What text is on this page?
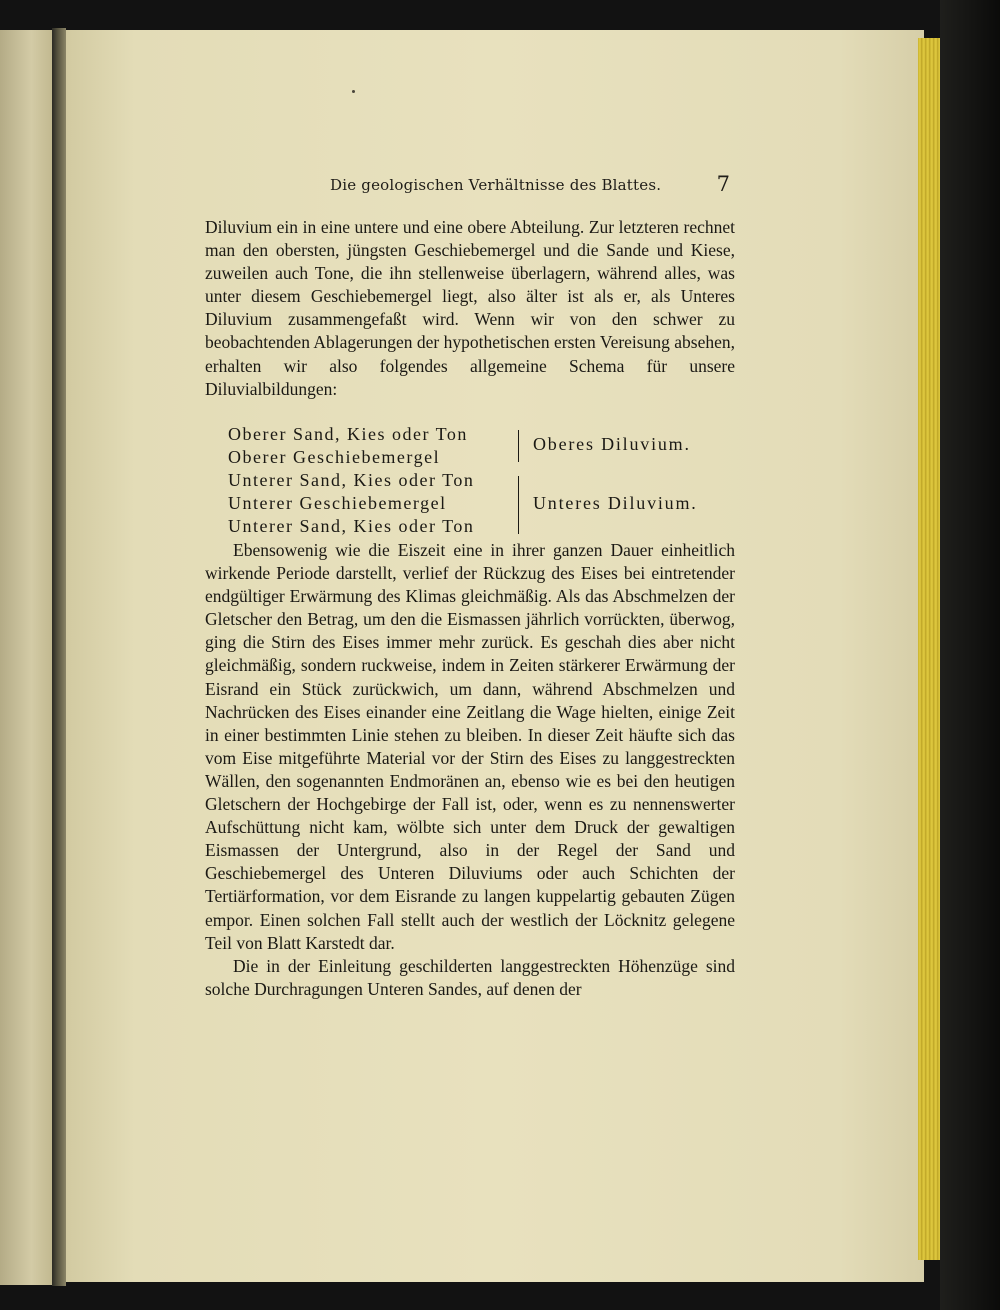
Die geologischen Verhältnisse des Blattes.	7

Diluvium ein in eine untere und eine obere Abteilung. Zur letzteren rechnet man den obersten, jüngsten Geschiebemergel und die Sande und Kiese, zuweilen auch Tone, die ihn stellenweise überlagern, während alles, was unter diesem Geschiebemergel liegt, also älter ist als er, als Unteres Diluvium zusammengefaßt wird. Wenn wir von den schwer zu beobachtenden Ablagerungen der hypothetischen ersten Vereisung absehen, erhalten wir also folgendes allgemeine Schema für unsere Diluvialbildungen:

Oberer Sand, Kies oder Ton
Oberer Geschiebemergel
Oberes Diluvium.
Unterer Sand, Kies oder Ton
Unterer Geschiebemergel
Unterer Sand, Kies oder Ton
Unteres Diluvium.

Ebensowenig wie die Eiszeit eine in ihrer ganzen Dauer einheitlich wirkende Periode darstellt, verlief der Rückzug des Eises bei eintretender endgültiger Erwärmung des Klimas gleichmäßig. Als das Abschmelzen der Gletscher den Betrag, um den die Eismassen jährlich vorrückten, überwog, ging die Stirn des Eises immer mehr zurück. Es geschah dies aber nicht gleichmäßig, sondern ruckweise, indem in Zeiten stärkerer Erwärmung der Eisrand ein Stück zurückwich, um dann, während Abschmelzen und Nachrücken des Eises einander eine Zeitlang die Wage hielten, einige Zeit in einer bestimmten Linie stehen zu bleiben. In dieser Zeit häufte sich das vom Eise mitgeführte Material vor der Stirn des Eises zu langgestreckten Wällen, den sogenannten Endmoränen an, ebenso wie es bei den heutigen Gletschern der Hochgebirge der Fall ist, oder, wenn es zu nennenswerter Aufschüttung nicht kam, wölbte sich unter dem Druck der gewaltigen Eismassen der Untergrund, also in der Regel der Sand und Geschiebemergel des Unteren Diluviums oder auch Schichten der Tertiärformation, vor dem Eisrande zu langen kuppelartig gebauten Zügen empor. Einen solchen Fall stellt auch der westlich der Löcknitz gelegene Teil von Blatt Karstedt dar.

Die in der Einleitung geschilderten langgestreckten Höhenzüge sind solche Durchragungen Unteren Sandes, auf denen der
